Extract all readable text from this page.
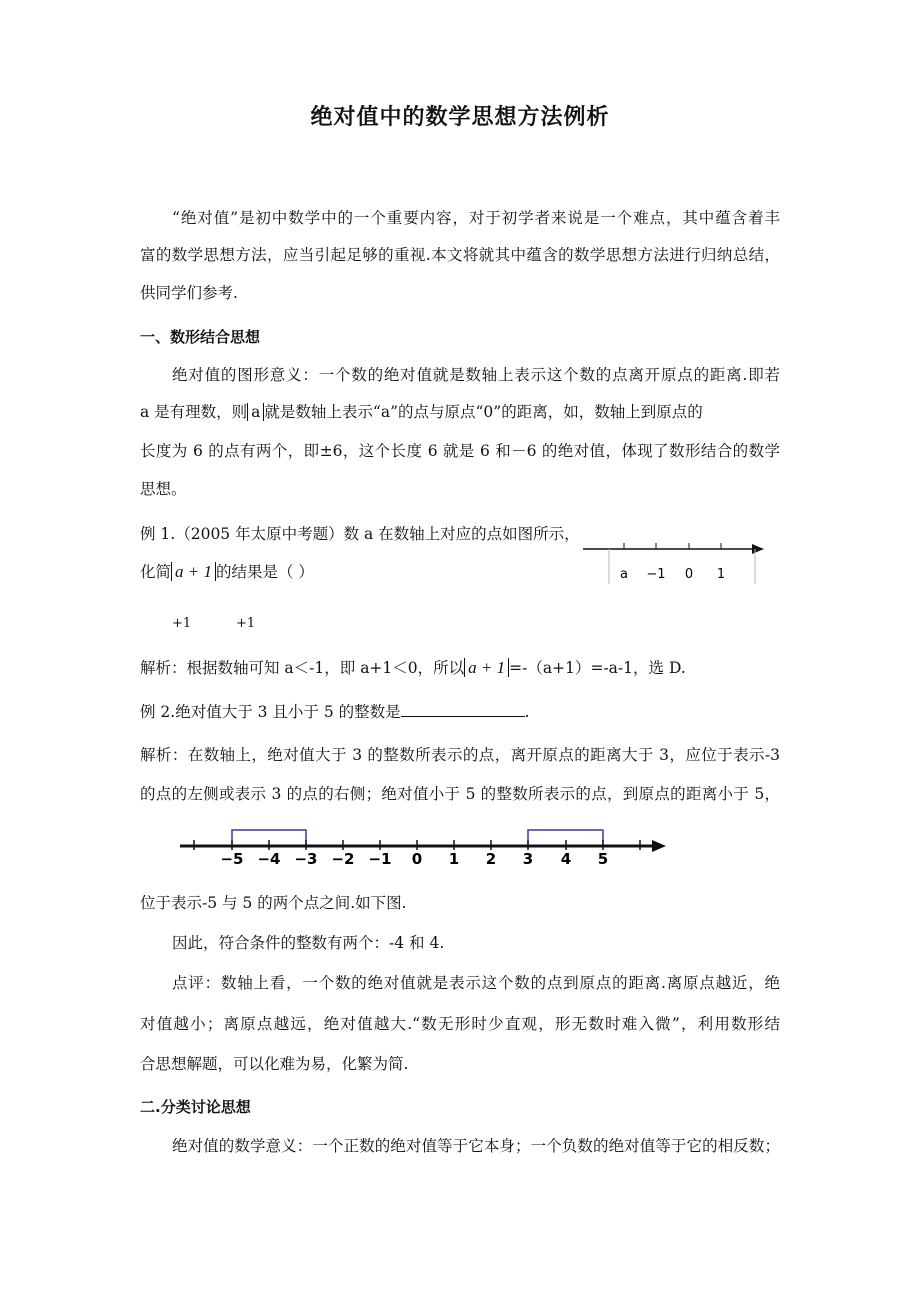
绝对值中的数学思想方法例析

“绝对值”是初中数学中的一个重要内容，对于初学者来说是一个难点，其中蕴含着丰

富的数学思想方法，应当引起足够的重视.本文将就其中蕴含的数学思想方法进行归纳总结，

供同学们参考.

一、数形结合思想

绝对值的图形意义：一个数的绝对值就是数轴上表示这个数的点离开原点的距离.即若

a 是有理数，则 a 就是数轴上表示“a”的点与原点“0”的距离，如，数轴上到原点的

长度为 6 的点有两个，即±6，这个长度 6 就是 6 和－6 的绝对值，体现了数形结合的数学

思想。

例 1.（2005 年太原中考题）数 a 在数轴上对应的点如图所示，

化简 a + 1 的结果是（ ）	a −1 0 1

+1	+1

解析：根据数轴可知 a＜-1，即 a+1＜0，所以 a + 1 =-（a+1）=-a-1，选 D.

例 2.绝对值大于 3 且小于 5 的整数是	.

解析：在数轴上，绝对值大于 3 的整数所表示的点，离开原点的距离大于 3，应位于表示-3

的点的左侧或表示 3 的点的右侧；绝对值小于 5 的整数所表示的点，到原点的距离小于 5，

−5 −4 −3 −2 −1 0 1 2 3 4 5

位于表示-5 与 5 的两个点之间.如下图.

因此，符合条件的整数有两个：-4 和 4.

点评：数轴上看，一个数的绝对值就是表示这个数的点到原点的距离.离原点越近，绝

对值越小；离原点越远，绝对值越大.“数无形时少直观，形无数时难入微”，利用数形结

合思想解题，可以化难为易，化繁为简.

二.分类讨论思想

绝对值的数学意义：一个正数的绝对值等于它本身；一个负数的绝对值等于它的相反数；
